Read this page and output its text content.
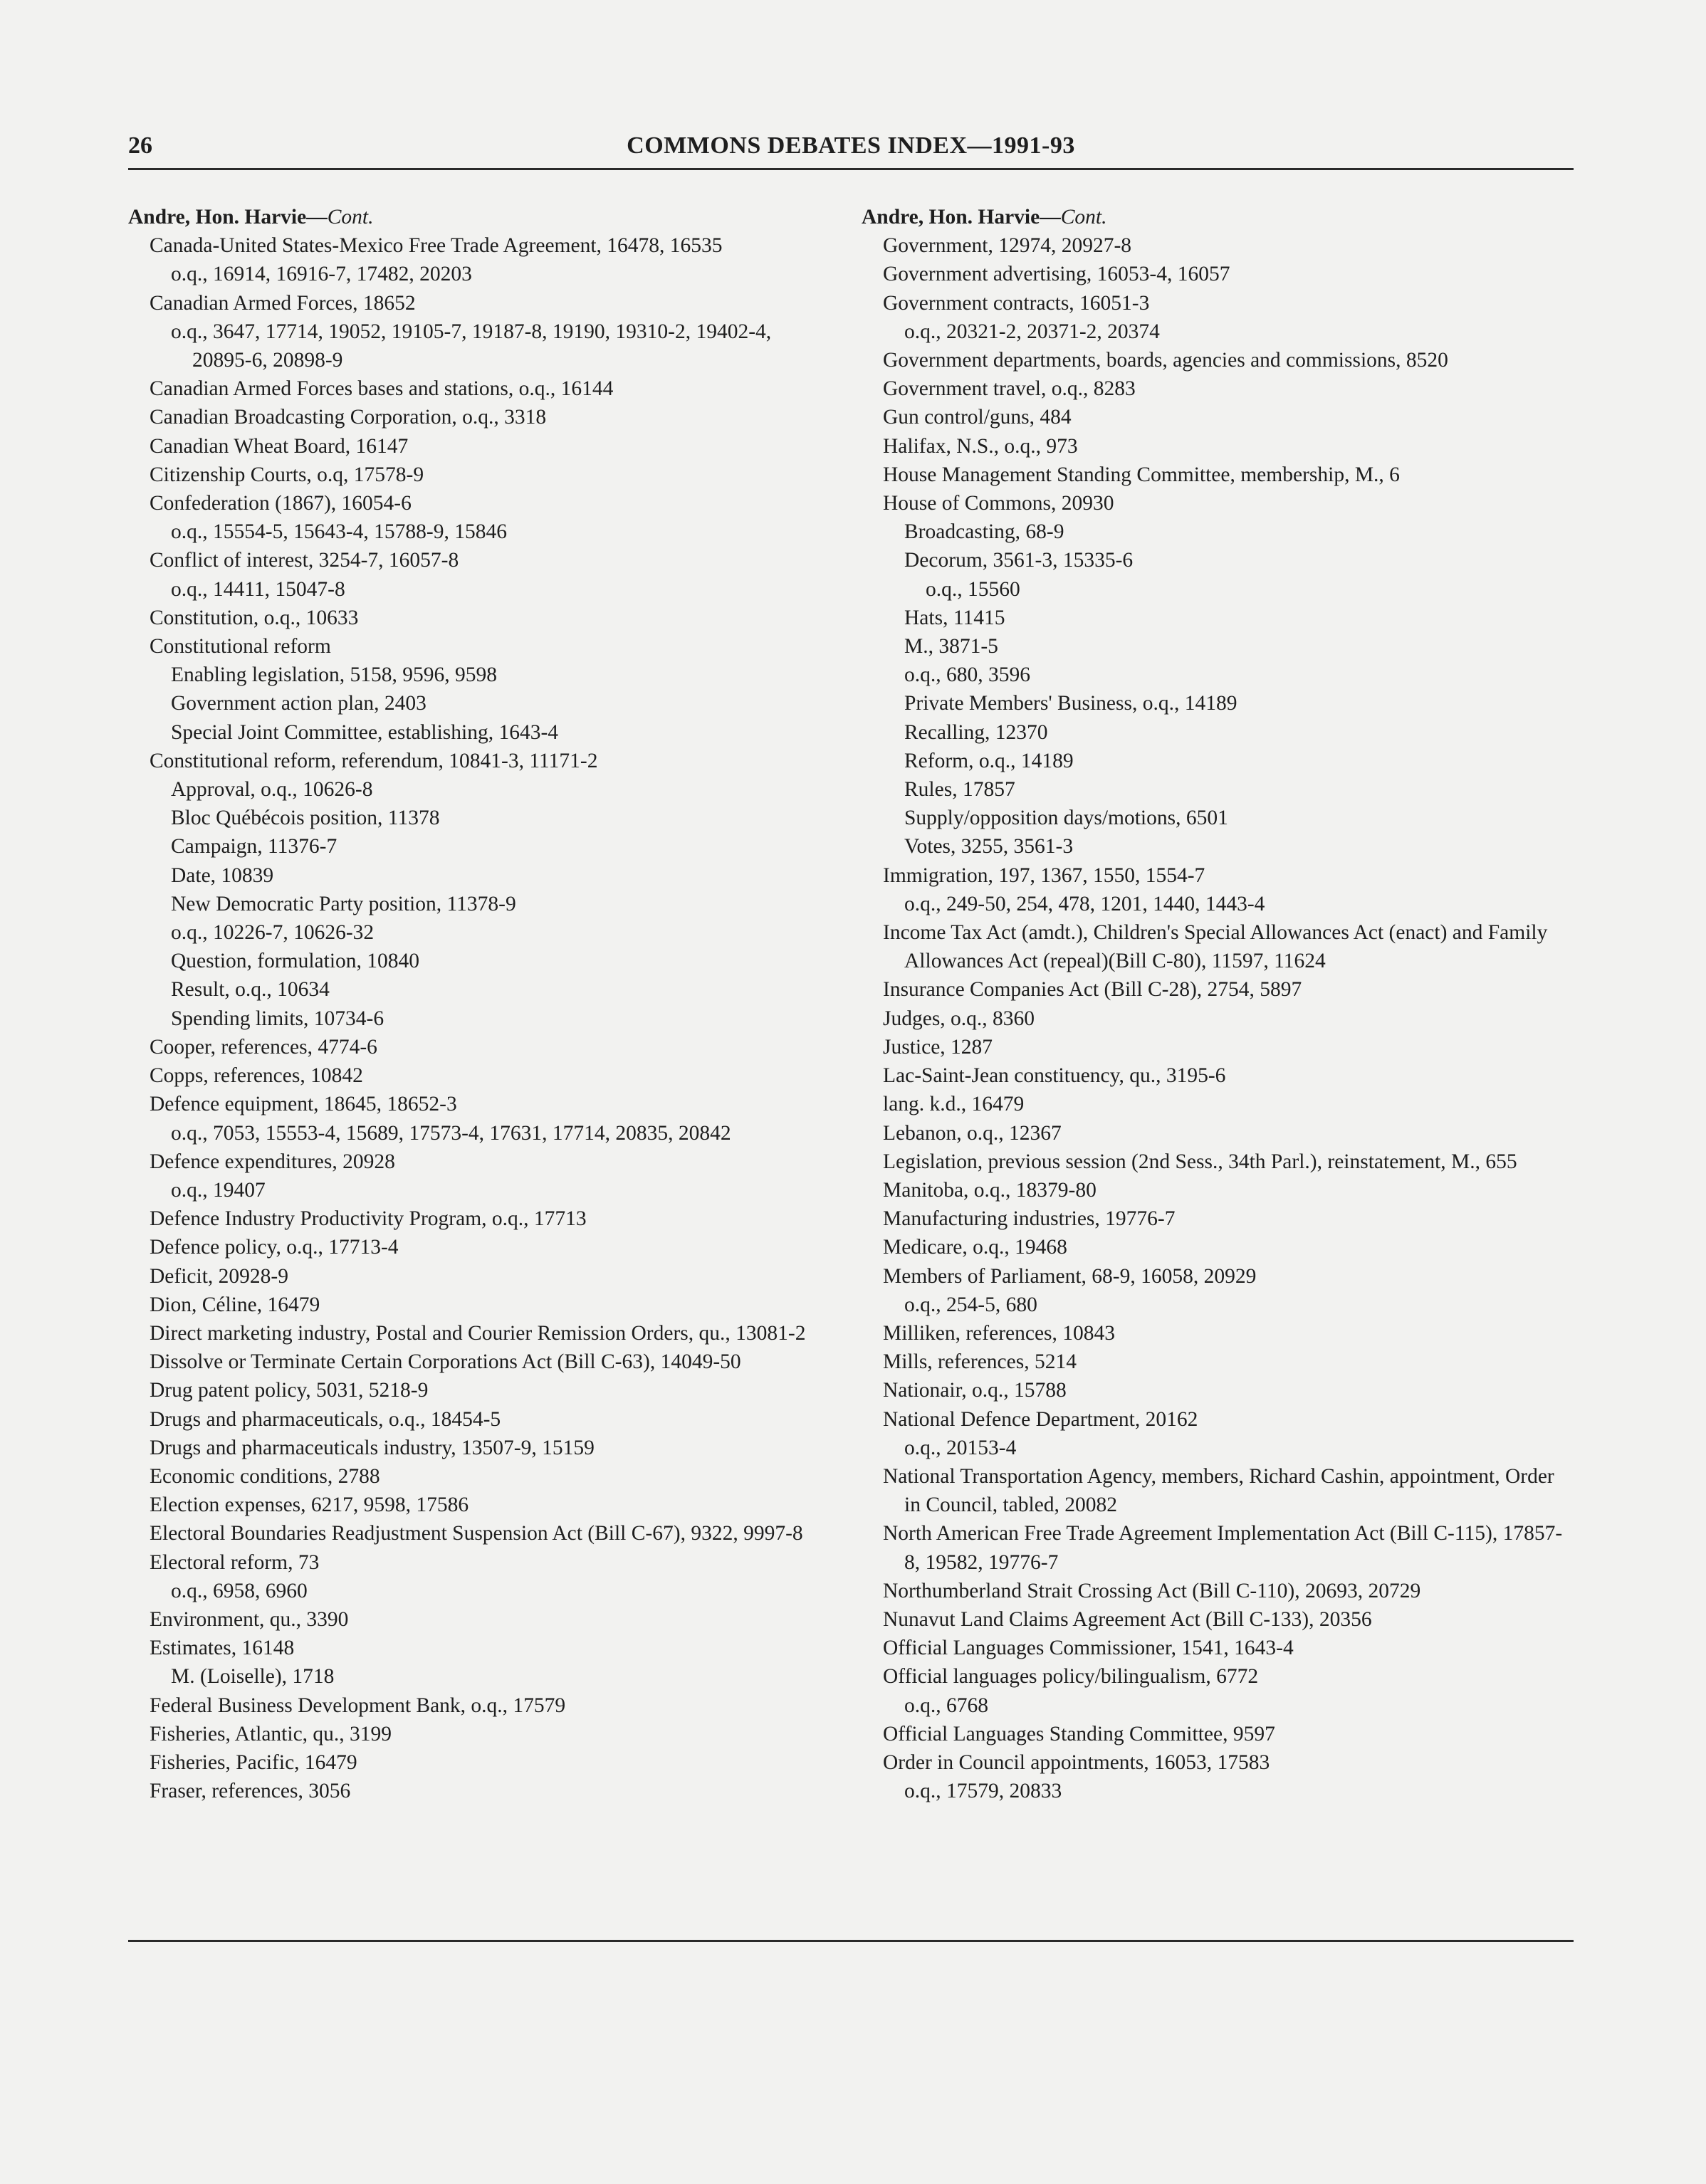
26	COMMONS DEBATES INDEX—1991-93

Andre, Hon. Harvie—Cont.

Canada-United States-Mexico Free Trade Agreement, 16478, 16535

o.q., 16914, 16916-7, 17482, 20203

Canadian Armed Forces, 18652

o.q., 3647, 17714, 19052, 19105-7, 19187-8, 19190, 19310-2, 19402-4, 20895-6, 20898-9

Canadian Armed Forces bases and stations, o.q., 16144

Canadian Broadcasting Corporation, o.q., 3318

Canadian Wheat Board, 16147

Citizenship Courts, o.q, 17578-9

Confederation (1867), 16054-6

o.q., 15554-5, 15643-4, 15788-9, 15846

Conflict of interest, 3254-7, 16057-8

o.q., 14411, 15047-8

Constitution, o.q., 10633

Constitutional reform

Enabling legislation, 5158, 9596, 9598

Government action plan, 2403

Special Joint Committee, establishing, 1643-4

Constitutional reform, referendum, 10841-3, 11171-2

Approval, o.q., 10626-8

Bloc Québécois position, 11378

Campaign, 11376-7

Date, 10839

New Democratic Party position, 11378-9

o.q., 10226-7, 10626-32

Question, formulation, 10840

Result, o.q., 10634

Spending limits, 10734-6

Cooper, references, 4774-6

Copps, references, 10842

Defence equipment, 18645, 18652-3

o.q., 7053, 15553-4, 15689, 17573-4, 17631, 17714, 20835, 20842

Defence expenditures, 20928

o.q., 19407

Defence Industry Productivity Program, o.q., 17713

Defence policy, o.q., 17713-4

Deficit, 20928-9

Dion, Céline, 16479

Direct marketing industry, Postal and Courier Remission Orders, qu., 13081-2

Dissolve or Terminate Certain Corporations Act (Bill C-63), 14049-50

Drug patent policy, 5031, 5218-9

Drugs and pharmaceuticals, o.q., 18454-5

Drugs and pharmaceuticals industry, 13507-9, 15159

Economic conditions, 2788

Election expenses, 6217, 9598, 17586

Electoral Boundaries Readjustment Suspension Act (Bill C-67), 9322, 9997-8

Electoral reform, 73

o.q., 6958, 6960

Environment, qu., 3390

Estimates, 16148

M. (Loiselle), 1718

Federal Business Development Bank, o.q., 17579

Fisheries, Atlantic, qu., 3199

Fisheries, Pacific, 16479

Fraser, references, 3056

Andre, Hon. Harvie—Cont.

Government, 12974, 20927-8

Government advertising, 16053-4, 16057

Government contracts, 16051-3

o.q., 20321-2, 20371-2, 20374

Government departments, boards, agencies and commissions, 8520

Government travel, o.q., 8283

Gun control/guns, 484

Halifax, N.S., o.q., 973

House Management Standing Committee, membership, M., 6

House of Commons, 20930

Broadcasting, 68-9

Decorum, 3561-3, 15335-6

o.q., 15560

Hats, 11415

M., 3871-5

o.q., 680, 3596

Private Members' Business, o.q., 14189

Recalling, 12370

Reform, o.q., 14189

Rules, 17857

Supply/opposition days/motions, 6501

Votes, 3255, 3561-3

Immigration, 197, 1367, 1550, 1554-7

o.q., 249-50, 254, 478, 1201, 1440, 1443-4

Income Tax Act (amdt.), Children's Special Allowances Act (enact) and Family Allowances Act (repeal)(Bill C-80), 11597, 11624

Insurance Companies Act (Bill C-28), 2754, 5897

Judges, o.q., 8360

Justice, 1287

Lac-Saint-Jean constituency, qu., 3195-6

lang. k.d., 16479

Lebanon, o.q., 12367

Legislation, previous session (2nd Sess., 34th Parl.), reinstatement, M., 655

Manitoba, o.q., 18379-80

Manufacturing industries, 19776-7

Medicare, o.q., 19468

Members of Parliament, 68-9, 16058, 20929

o.q., 254-5, 680

Milliken, references, 10843

Mills, references, 5214

Nationair, o.q., 15788

National Defence Department, 20162

o.q., 20153-4

National Transportation Agency, members, Richard Cashin, appointment, Order in Council, tabled, 20082

North American Free Trade Agreement Implementation Act (Bill C-115), 17857-8, 19582, 19776-7

Northumberland Strait Crossing Act (Bill C-110), 20693, 20729

Nunavut Land Claims Agreement Act (Bill C-133), 20356

Official Languages Commissioner, 1541, 1643-4

Official languages policy/bilingualism, 6772

o.q., 6768

Official Languages Standing Committee, 9597

Order in Council appointments, 16053, 17583

o.q., 17579, 20833
